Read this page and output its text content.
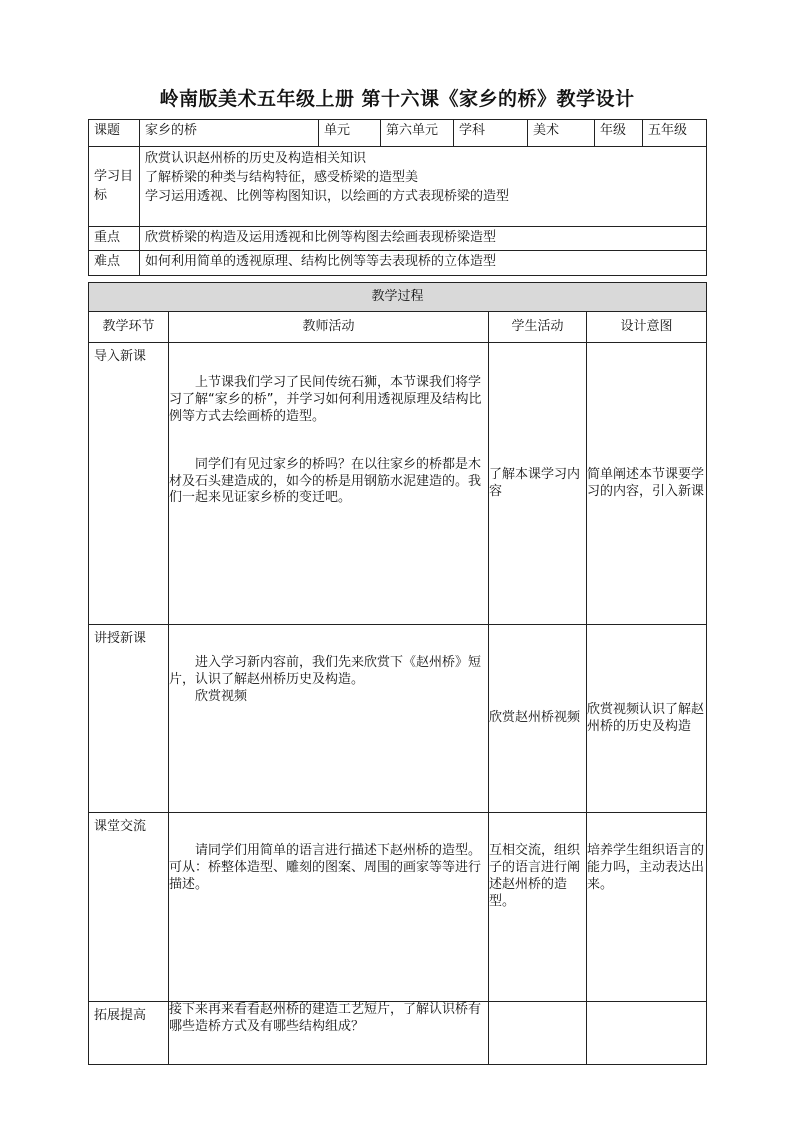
岭南版美术五年级上册 第十六课《家乡的桥》教学设计
课题	家乡的桥	单元	第六单元	学科	美术	年级	五年级
学习目标	欣赏认识赵州桥的历史及构造相关知识
了解桥梁的种类与结构特征，感受桥梁的造型美
学习运用透视、比例等构图知识，以绘画的方式表现桥梁的造型						

重点	欣赏桥梁的构造及运用透视和比例等构图去绘画表现桥梁造型						
难点	如何利用简单的透视原理、结构比例等等去表现桥的立体造型						
教学过程			
教学环节	教师活动	学生活动	设计意图
导入新课	上节课我们学习了民间传统石狮，本节课我们将学习了解“家乡的桥”，并学习如何利用透视原理及结构比例等方式去绘画桥的造型。

同学们有见过家乡的桥吗？在以往家乡的桥都是木材及石头建造成的，如今的桥是用钢筋水泥建造的。我们一起来见证家乡桥的变迁吧。	了解本课学习内容	简单阐述本节课要学习的内容，引入新课
讲授新课	进入学习新内容前，我们先来欣赏下《赵州桥》短片，认识了解赵州桥历史及构造。

欣赏视频	欣赏赵州桥视频	欣赏视频认识了解赵州桥的历史及构造
课堂交流	请同学们用简单的语言进行描述下赵州桥的造型。可从：桥整体造型、雕刻的图案、周围的画家等等进行描述。	互相交流，组织子的语言进行阐述赵州桥的造型。	培养学生组织语言的能力吗，主动表达出来。
拓展提高	接下来再来看看赵州桥的建造工艺短片，了解认识桥有哪些造桥方式及有哪些结构组成？		
